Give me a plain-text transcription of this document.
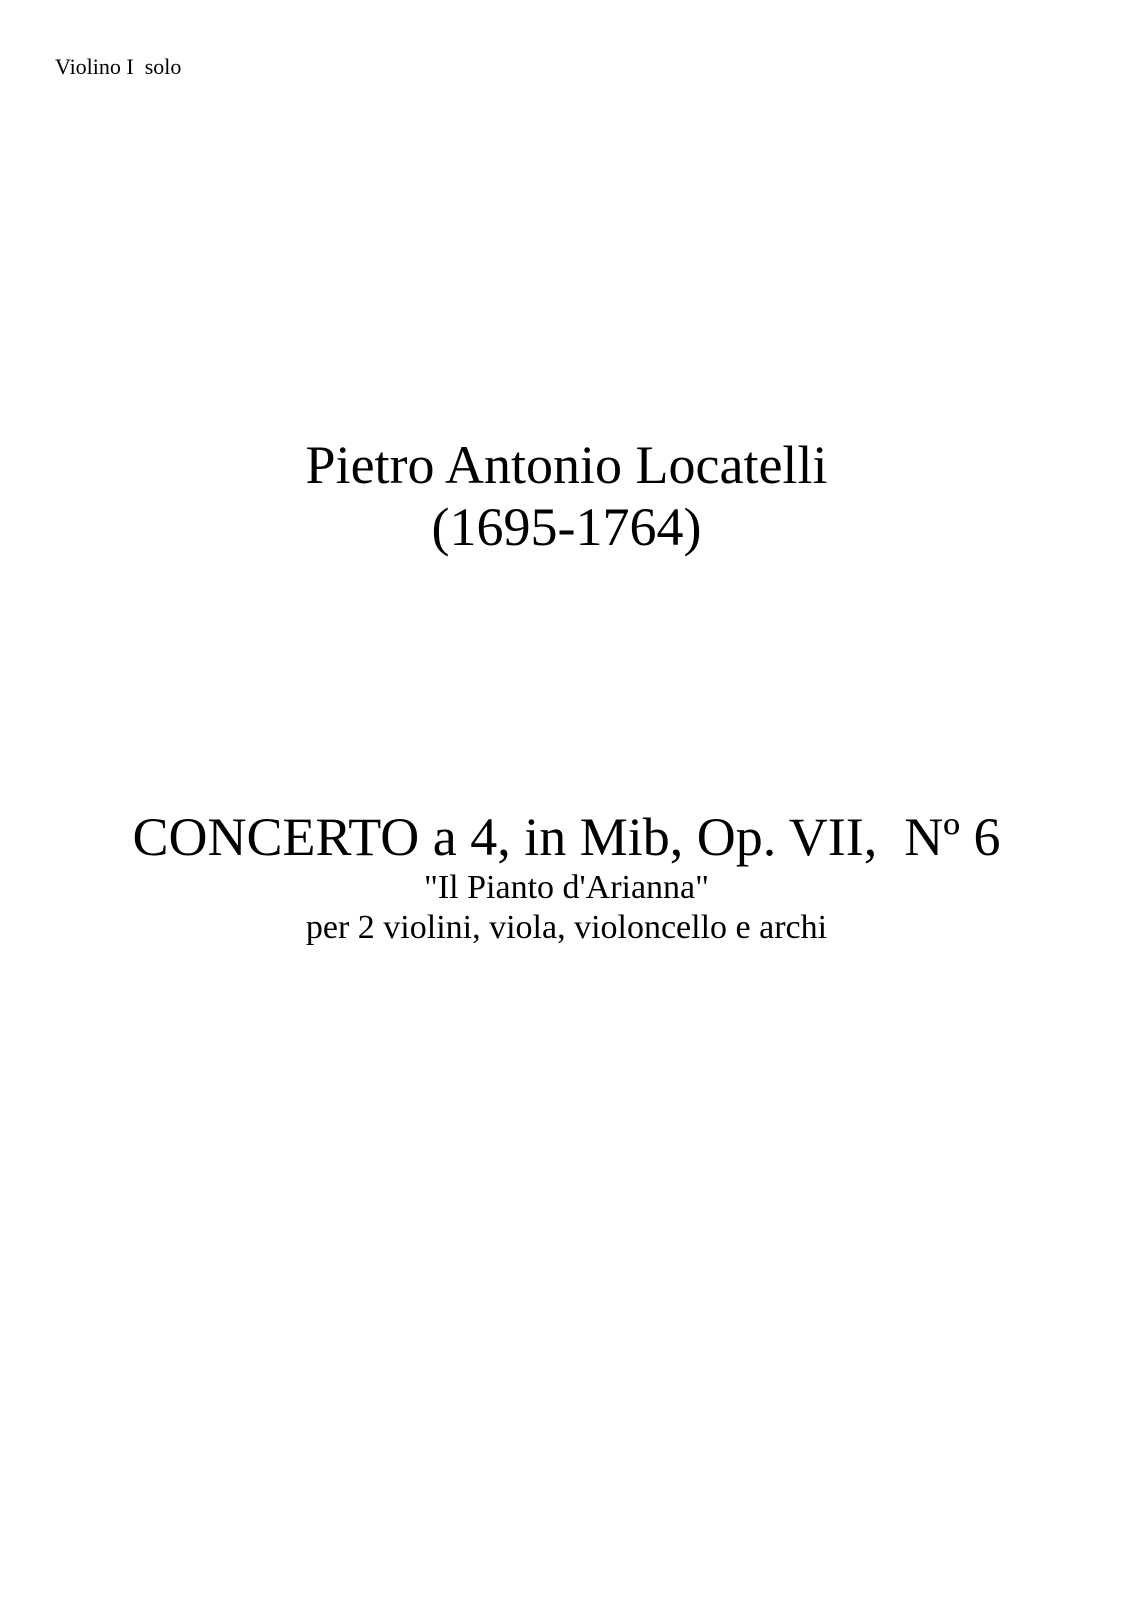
Violino I  solo
Pietro Antonio Locatelli
(1695-1764)
CONCERTO a 4, in Mib, Op. VII,  Nº 6
"Il Pianto d'Arianna"
per 2 violini, viola, violoncello e archi
